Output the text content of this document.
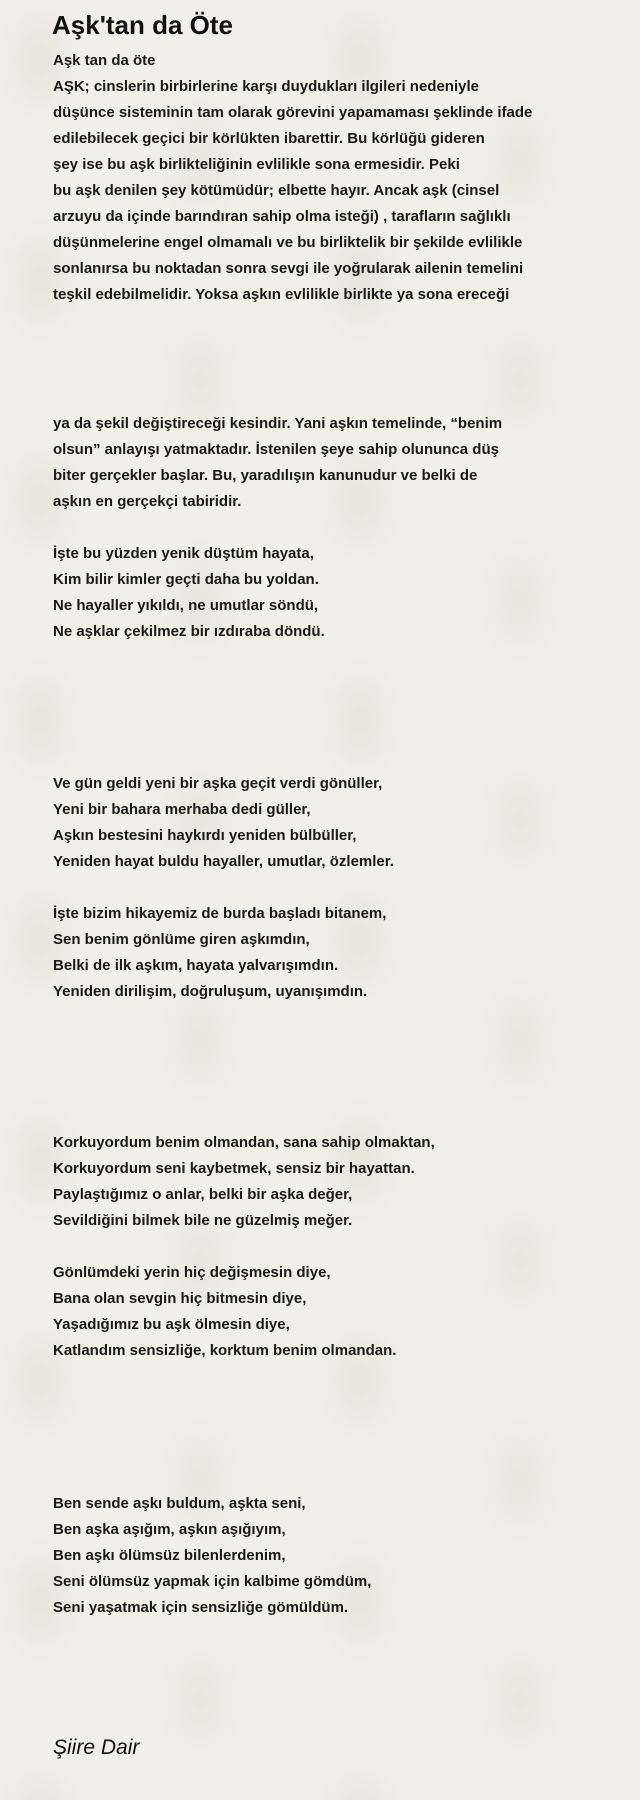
Aşk'tan da Öte
Aşk tan da öte
AŞK; cinslerin birbirlerine karşı duydukları ilgileri nedeniyle
düşünce sisteminin tam olarak görevini yapamaması şeklinde ifade
edilebilecek geçici bir körlükten ibarettir. Bu körlüğü gideren
şey ise bu aşk birlikteliğinin evlilikle sona ermesidir. Peki
bu aşk denilen şey kötümüdür; elbette hayır. Ancak aşk (cinsel
arzuyu da içinde barındıran sahip olma isteği) , tarafların sağlıklı
düşünmelerine engel olmamalı ve bu birliktelik bir şekilde evlilikle
sonlanırsa bu noktadan sonra sevgi ile yoğrularak ailenin temelini
teşkil edebilmelidir. Yoksa aşkın evlilikle birlikte ya sona ereceği
ya da şekil değiştireceği kesindir. Yani aşkın temelinde, “benim
olsun” anlayışı yatmaktadır. İstenilen şeye sahip olununca düş
biter gerçekler başlar. Bu, yaradılışın kanunudur ve belki de
aşkın en gerçekçi tabiridir.

İşte bu yüzden yenik düştüm hayata,
Kim bilir kimler geçti daha bu yoldan.
Ne hayaller yıkıldı, ne umutlar söndü,
Ne aşklar çekilmez bir ızdıraba döndü.
Ve gün geldi yeni bir aşka geçit verdi gönüller,
Yeni bir bahara merhaba dedi güller,
Aşkın bestesini haykırdı yeniden bülbüller,
Yeniden hayat buldu hayaller, umutlar, özlemler.

İşte bizim hikayemiz de burda başladı bitanem,
Sen benim gönlüme giren aşkımdın,
Belki de ilk aşkım, hayata yalvarışımdın.
Yeniden dirilişim, doğruluşum, uyanışımdın.
Korkuyordum benim olmandan, sana sahip olmaktan,
Korkuyordum seni kaybetmek, sensiz bir hayattan.
Paylaştığımız o anlar, belki bir aşka değer,
Sevildiğini bilmek bile ne güzelmiş meğer.

Gönlümdeki yerin hiç değişmesin diye,
Bana olan sevgin hiç bitmesin diye,
Yaşadığımız bu aşk ölmesin diye,
Katlandım sensizliğe, korktum benim olmandan.
Ben sende aşkı buldum, aşkta seni,
Ben aşka aşığım, aşkın aşığıyım,
Ben aşkı ölümsüz bilenlerdenim,
Seni ölümsüz yapmak için kalbime gömdüm,
Seni yaşatmak için sensizliğe gömüldüm.
Şiire Dair
